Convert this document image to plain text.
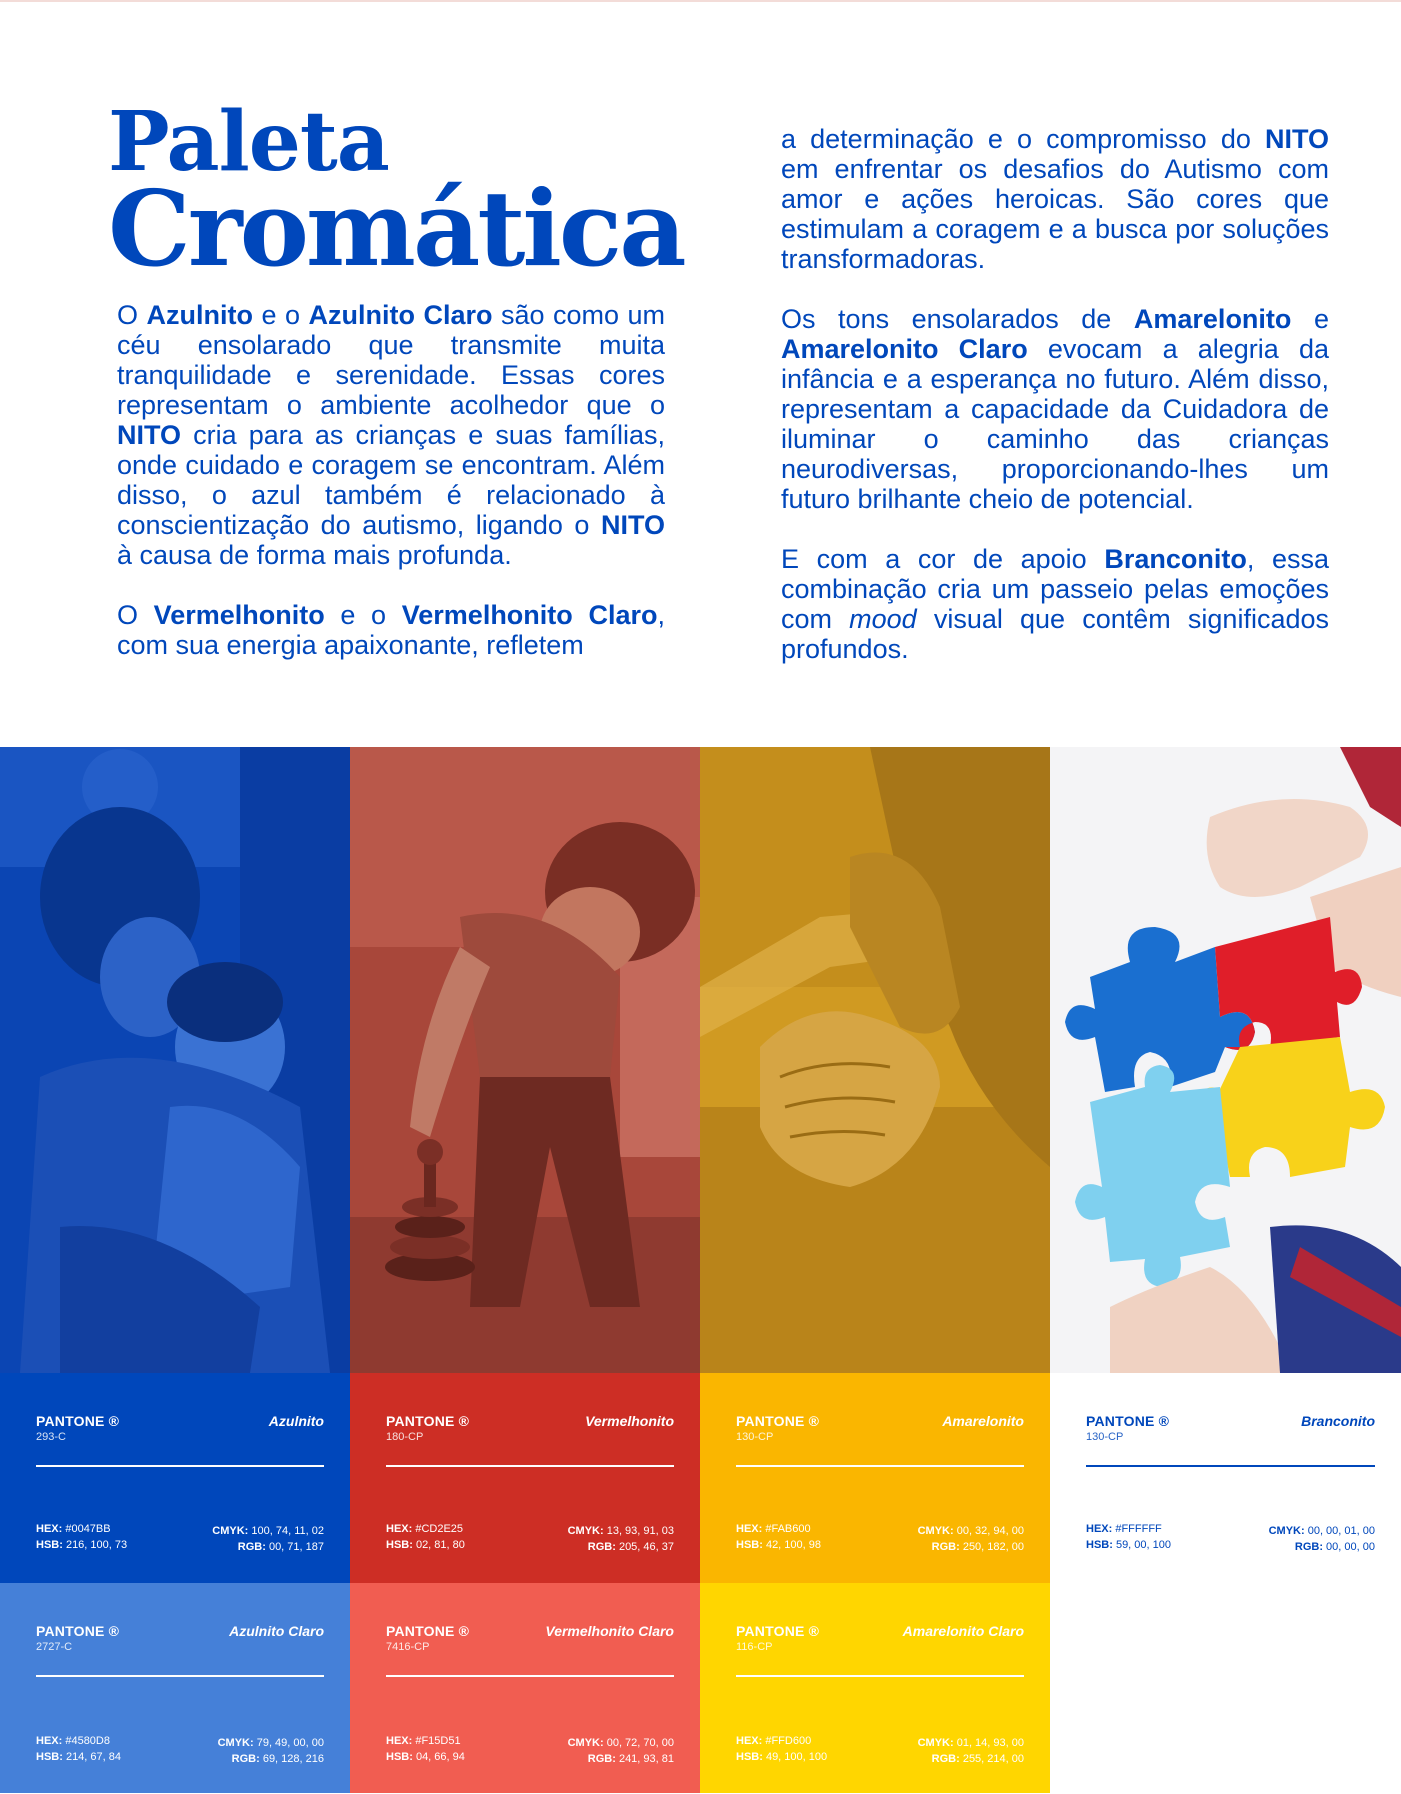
Paleta
Cromática

O Azulnito e o Azulnito Claro são como um céu ensolarado que transmite muita tranquilidade e serenidade. Essas cores representam o ambiente acolhedor que o NITO cria para as crianças e suas famílias, onde cuidado e coragem se encontram. Além disso, o azul também é relacionado à conscientização do autismo, ligando o NITO à causa de forma mais profunda.

O Vermelhonito e o Vermelhonito Claro, com sua energia apaixonante, refletem

a determinação e o compromisso do NITO em enfrentar os desafios do Autismo com amor e ações heroicas. São cores que estimulam a coragem e a busca por soluções transformadoras.

Os tons ensolarados de Amarelonito e Amarelonito Claro evocam a alegria da infância e a esperança no futuro. Além disso, representam a capacidade da Cuidadora de iluminar o caminho das crianças neurodiversas, proporcionando-lhes um futuro brilhante cheio de potencial.

E com a cor de apoio Branconito, essa combinação cria um passeio pelas emoções com mood visual que contêm significados profundos.

PANTONE ®
293-C
Azulnito
HEX: #0047BB
HSB: 216, 100, 73
CMYK: 100, 74, 11, 02
RGB: 00, 71, 187
PANTONE ®
180-CP
Vermelhonito
HEX: #CD2E25
HSB: 02, 81, 80
CMYK: 13, 93, 91, 03
RGB: 205, 46, 37
PANTONE ®
130-CP
Amarelonito
HEX: #FAB600
HSB: 42, 100, 98
CMYK: 00, 32, 94, 00
RGB: 250, 182, 00
PANTONE ®
130-CP
Branconito
HEX: #FFFFFF
HSB: 59, 00, 100
CMYK: 00, 00, 01, 00
RGB: 00, 00, 00
PANTONE ®
2727-C
Azulnito Claro
HEX: #4580D8
HSB: 214, 67, 84
CMYK: 79, 49, 00, 00
RGB: 69, 128, 216
PANTONE ®
7416-CP
Vermelhonito Claro
HEX: #F15D51
HSB: 04, 66, 94
CMYK: 00, 72, 70, 00
RGB: 241, 93, 81
PANTONE ®
116-CP
Amarelonito Claro
HEX: #FFD600
HSB: 49, 100, 100
CMYK: 01, 14, 93, 00
RGB: 255, 214, 00
